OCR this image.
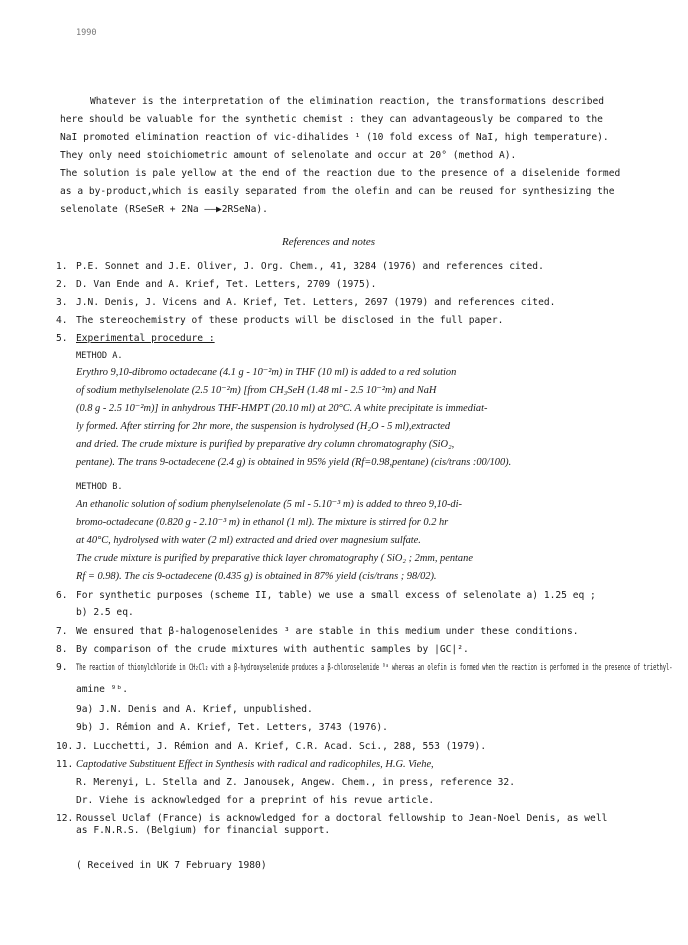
1990
Whatever is the interpretation of the elimination reaction, the transformations described
here should be valuable for the synthetic chemist : they can advantageously be compared to the
NaI promoted elimination reaction of vic-dihalides ¹ (10 fold excess of NaI, high temperature).
They only need stoichiometric amount of selenolate and occur at 20° (method A).
The solution is pale yellow at the end of the reaction due to the presence of a diselenide formed
as a by-product,which is easily separated from the olefin and can be reused for synthesizing the
selenolate (RSeSeR + 2Na ——▶2RSeNa).
References and notes
1. P.E. Sonnet and J.E. Oliver, J. Org. Chem., 41, 3284 (1976) and references cited.
2. D. Van Ende and A. Krief, Tet. Letters, 2709 (1975).
3. J.N. Denis, J. Vicens and A. Krief, Tet. Letters, 2697 (1979) and references cited.
4. The stereochemistry of these products will be disclosed in the full paper.
5. Experimental procedure :
METHOD A.
Erythro 9,10-dibromo octadecane (4.1 g - 10⁻²m) in THF (10 ml) is added to a red solution
of sodium methylselenolate (2.5 10⁻²m) [from CH₃SeH (1.48 ml - 2.5 10⁻²m) and NaH
(0.8 g - 2.5 10⁻²m)] in anhydrous THF-HMPT (20.10 ml) at 20°C. A white precipitate is immediat-
ly formed. After stirring for 2hr more, the suspension is hydrolysed (H₂O - 5 ml),extracted
and dried. The crude mixture is purified by preparative dry column chromatography (SiO₂,
pentane). The trans 9-octadecene (2.4 g) is obtained in 95% yield (Rf=0.98,pentane) (cis/trans :00/100).
METHOD B.
An ethanolic solution of sodium phenylselenolate (5 ml - 5.10⁻³ m) is added to threo 9,10-di-
bromo-octadecane (0.820 g - 2.10⁻³ m) in ethanol (1 ml). The mixture is stirred for 0.2 hr
at 40°C, hydrolysed with water (2 ml) extracted and dried over magnesium sulfate.
The crude mixture is purified by preparative thick layer chromatography ( SiO₂ ; 2mm, pentane
Rf = 0.98). The cis 9-octadecene (0.435 g) is obtained in 87% yield (cis/trans ; 98/02).
6. For synthetic purposes (scheme II, table) we use a small excess of selenolate a) 1.25 eq ;
b) 2.5 eq.
7. We ensured that β-halogenoselenides ³ are stable in this medium under these conditions.
8. By comparison of the crude mixtures with authentic samples by |GC|².
9. The reaction of thionylchloride in CH₂Cl₂ with a β-hydroxyselenide produces a β-chloroselenide ⁹ᵃ whereas an olefin is formed when the reaction is performed in the presence of triethyl-
amine ⁹ᵇ.
9a) J.N. Denis and A. Krief, unpublished.
9b) J. Rémion and A. Krief, Tet. Letters, 3743 (1976).
10. J. Lucchetti, J. Rémion and A. Krief, C.R. Acad. Sci., 288, 553 (1979).
11. Captodative Substituent Effect in Synthesis with radical and radicophiles, H.G. Viehe,
R. Merenyi, L. Stella and Z. Janousek, Angew. Chem., in press, reference 32.
Dr. Viehe is acknowledged for a preprint of his revue article.
12. Roussel Uclaf (France) is acknowledged for a doctoral fellowship to Jean-Noel Denis, as well
as F.N.R.S. (Belgium) for financial support.
( Received in UK 7 February 1980)
